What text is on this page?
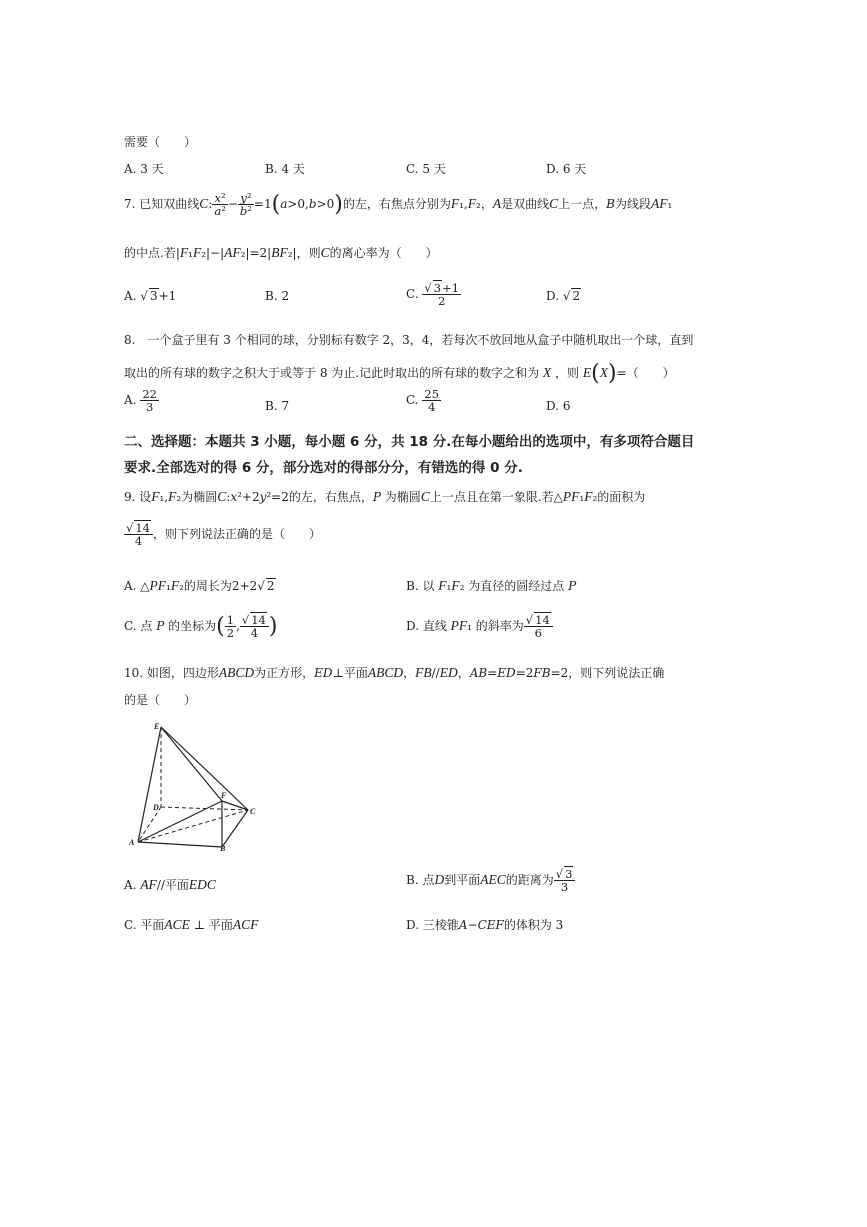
需要（　　）
A. 3 天	B. 4 天	C. 5 天	D. 6 天
7. 已知双曲线C: $\frac{\text{x²}}{\text{a²}} - \frac{\text{y²}}{\text{b²}} =1(a>0,b>0)$的左，右焦点分别为F₁,F₂，A是双曲线C上一点，B为线段AF₁
的中点.若|F₁F₂|−|AF₂|=2|BF₂|，则C的离心率为（　　）
A. √ 3+1	B. 2	C. $\frac{√ 3+1}{2}$	D. √ 2
8.　一个盒子里有 3 个相同的球，分别标有数字 2，3，4，若每次不放回地从盒子中随机取出一个球，直到
取出的所有球的数字之积大于或等于 8 为止.记此时取出的所有球的数字之和为 X ，则 E(X)=（　　）
A. $\frac{22}{3}$	B. 7	C. $\frac{25}{4}$	D. 6
二、选择题：本题共 3 小题，每小题 6 分，共 18 分.在每小题给出的选项中，有多项符合题目
要求.全部选对的得 6 分，部分选对的得部分分，有错选的得 0 分.
9. 设F₁,F₂为椭圆C:x²+2y²=2的左，右焦点，P 为椭圆C上一点且在第一象限.若△PF₁F₂的面积为
$\frac{√ 14}{4}$ ，则下列说法正确的是（　　）
A. △PF₁F₂的周长为2+2√ 2	B. 以 F₁F₂ 为直径的圆经过点 P
C. 点 P 的坐标为( $\frac{1}{2}$ , $\frac{√ 14}{4}$ )	D. 直线 PF₁ 的斜率为 $\frac{√ 14}{6}$
10. 如图，四边形ABCD为正方形，ED⊥平面ABCD，FB//ED，AB=ED=2FB=2，则下列说法正确
的是（　　）
E
D
F
C
A
B
A. AF//平面EDC	B. 点D到平面AEC的距离为 $\frac{√ 3}{3}$
C. 平面ACE ⊥ 平面ACF	D. 三棱锥A−CEF的体积为 3
